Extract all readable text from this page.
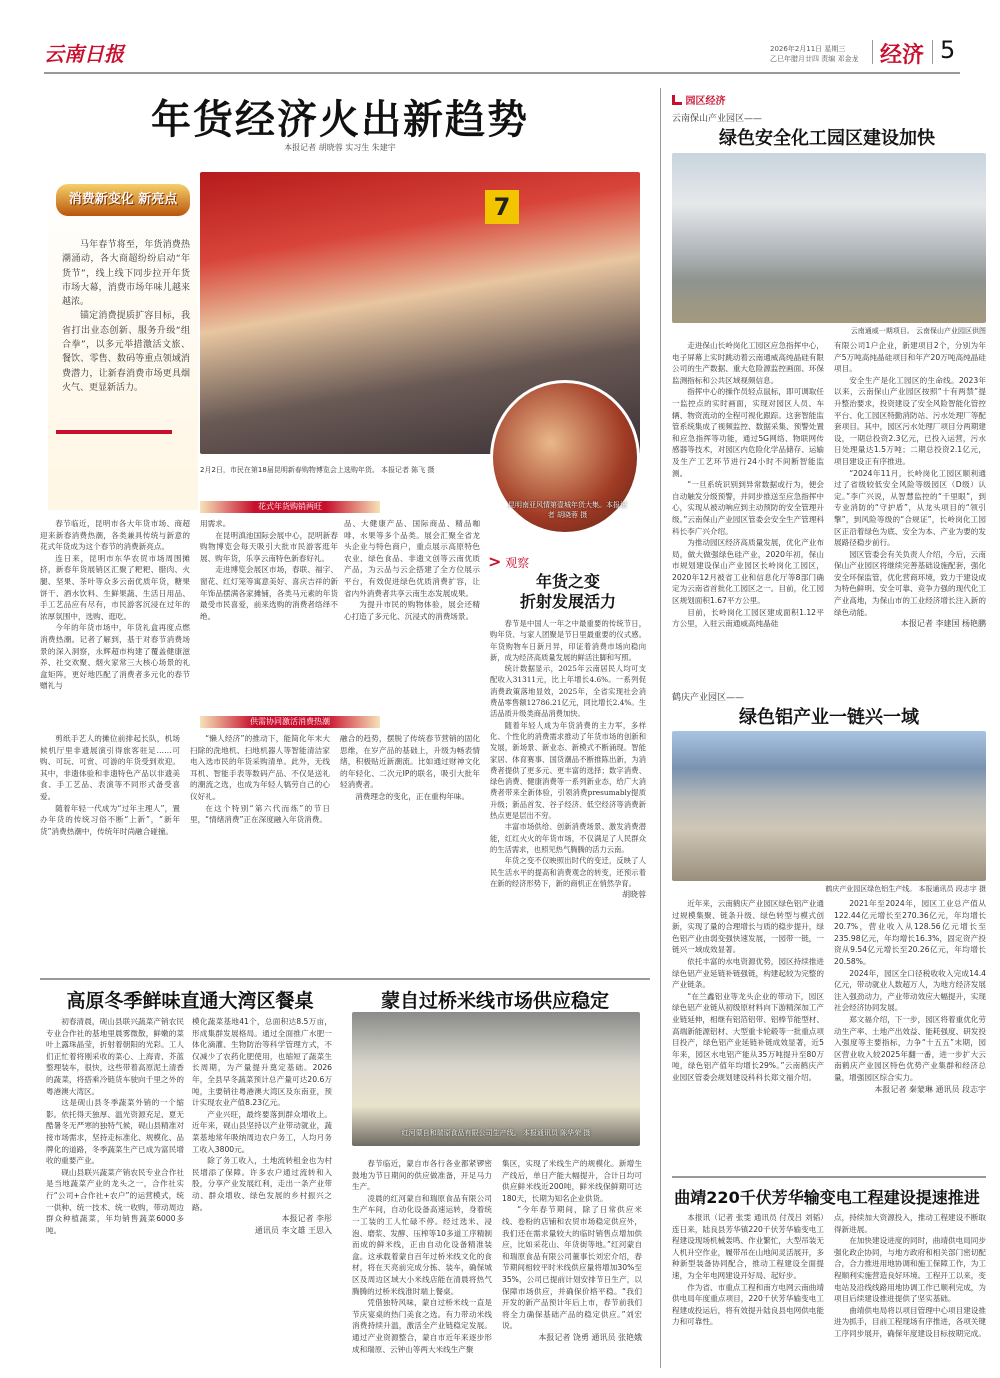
云南日报	2026年2月11日 星期三
乙巳年腊月廿四 责编 邓金龙 经济 5
年货经济火出新趋势
本报记者 胡晓蓉 实习生 朱建宇
消费新变化 新亮点

马年春节将至，年货消费热潮涌动，各大商超纷纷启动“年货节”，线上线下同步拉开年货市场大幕，消费市场年味儿越来越浓。

锚定消费提质扩容目标，我省打出业态创新、服务升级“组合拳”，以多元举措激活文旅、餐饮、零售、数码等重点领域消费潜力，让新春消费市场更具烟火气、更显新活力。

7
昆明南亚风情第壹城年货大集。本报记者 胡晓蓉 摄
2月2日，市民在第18届昆明新春购物博览会上选购年货。 本报记者 陈飞 摄
花式年货购销两旺

春节临近，昆明市各大年货市场、商超迎来新春消费热潮，各类兼具传统与新意的花式年货成为这个春节的消费新亮点。

连日来，昆明市东华农贸市场周围摊挤，新春年货展销区汇聚了粑粑、腊肉、火腿、坚果、茶叶等众多云南优质年货，糖果饼干、酒水饮料、生鲜果蔬、生活日用品、手工艺品应有尽有，市民游客沉浸在过年的浓厚氛围中，选购、逛吃。

今年的年货市场中，年货礼盒再度点燃消费热潮。记者了解到，基于对春节消费场景的深入洞察，永辉超市构建了覆盖健康滋养、社交欢聚、烟火家常三大核心场景的礼盒矩阵，更好地匹配了消费者多元化的春节赠礼与

用需求。

在昆明滇池国际会展中心，昆明新春购物博览会每天吸引大批市民游客逛年展、购年货，乐享云南特色新春好礼。

走进博览会展区市场，春联、福字、窗花、红灯笼等寓意美好、喜庆吉祥的新年饰品摆满各家摊铺，各类马元素的年货最受市民喜爱，前来选购的消费者络绎不绝。

品、大健康产品、国际商品、精品咖啡、水果等多个品类。展会汇聚全省龙头企业与特色商户，重点展示高原特色农业、绿色食品、非遗文创等云南优质产品，为云品与云企搭建了全方位展示平台，有效促进绿色优质消费扩容，让省内外消费者共享云南生态发展成果。

为提升市民的购物体验，展会还精心打造了多元化、沉浸式的消费场景。

供需协同激活消费热潮

剪纸手艺人的摊位前排起长队，机场候机厅里非遗展演引得旅客驻足……可购、可玩、可赏、可游的年货受到欢迎。其中，非遗体验和非遗特色产品以非遗美食、手工艺品、表演等不同形式备受喜爱。

随着年轻一代成为“过年主理人”，置办年货的传统习俗不断“上新”，“新年货”消费热潮中，传统年时尚融合碰撞。

“懒人经济”的推动下，能简化年末大扫除的洗地机、扫地机器人等智能清洁家电入选市民的年货采购清单。此外，无线耳机、智能手表等数码产品、不仅是送礼的潮流之选，也成为年轻人犒劳自己的心仪好礼。

在这个特别“第六代而炼”的节日里，“情绪消费”正在深度融入年货消费。

融合的趋势，摆脱了传统春节营销的固化思维，在岁产品的基础上，升级为畅表情绪，积极贴近新潮流。比如通过财神文化的年轻化、二次元IP的联名，吸引大批年轻消费者。

消费理念的变化，正在重构年味。

> 观察
年货之变
折射发展活力

春节是中国人一年之中最重要的传统节日，购年货、与家人团聚是节日里最重要的仪式感。年货购物车日新月异，印证着消费市场向稳向新，成为经济高质量发展的鲜活注脚和写照。

统计数据显示，2025年云南居民人均可支配收入31311元，比上年增长4.6%。一系列促消费政策落地显效，2025年，全省实现社会消费品零售额12786.21亿元，同比增长2.4%。生活品质升级类商品消费加快。

随着年轻人成为年货消费的主力军，多样化、个性化的消费需求推动了年货市场的创新和发展，新场景、新业态、新模式不断涌现。智能家居、体育赛事、国货潮品不断推陈出新，为消费者提供了更多元、更丰富的选择；数字消费、绿色消费、健康消费等一系列新业态，给广大消费者带来全新体验，引领消费presumably提质升级；新品首发、谷子经济、低空经济等消费新热点更是层出不穷。

丰富市场供给、创新消费场景、激发消费潜能，红红火火的年货市场，不仅满足了人民群众的生活需求，也照见热气腾腾的活力云南。

年货之变不仅映照出时代的变迁，反映了人民生活水平的提高和消费观念的转变，还预示着在新的经济形势下，新的商机正在悄然孕育。

胡晓蓉
高原冬季鲜味直通大湾区餐桌

初春清晨，砚山县联兴蔬菜产销农民专业合作社的基地里晨雾微散，鲜嫩的菜叶上露珠晶莹，折射着朝阳的光彩。工人们正忙着将刚采收的菜心、上海青、芥蓝整理装车，很快，这些带着高原泥土清香的蔬菜，将搭乘冷链货车驶向千里之外的粤港澳大湾区。

这是砚山县冬季蔬菜外销的一个缩影。依托得天独厚、温光资源充足、夏无酷暑冬无严寒的独特气候，砚山县精准对接市场需求，坚持走标准化、规模化、品牌化的道路，冬季蔬菜生产已成为富民增收的重要产业。

砚山县联兴蔬菜产销农民专业合作社是当地蔬菜产业的龙头之一，合作社实行“公司+合作社+农户”的运营模式，统一供种、统一技术、统一收购，带动周边群众种植蔬菜，年均销售蔬菜6000多吨。

模化蔬菜基地41个，总面积达8.5万亩，形成集群发展格局。通过全面推广水肥一体化滴灌、生物防治等科学管理方式，不仅减少了农药化肥使用，也缩短了蔬菜生长周期，为产量提升奠定基础。2026年，全县早冬蔬菜预计总产量可达20.6万吨，主要销往粤港澳大湾区及东南亚，预计实现农业产值8.23亿元。

产业兴旺，最终要落到群众增收上。近年来，砚山县坚持以产业带动就业，蔬菜基地常年吸纳周边农户务工，人均月务工收入3800元。

除了务工收入，土地流转租金也为村民增添了保障。许多农户通过流转和入股，分享产业发展红利，走出一条产业带动、群众增收、绿色发展的乡村振兴之路。

本报记者 李彤
通讯员 李文雄 王思入
蒙自过桥米线市场供应稳定
红河蒙自和瑞原食品有限公司生产线。 本报通讯员 陈华荣 摄

春节临近，蒙自市各行各业都紧锣密鼓地为节日期间的供应做准备，开足马力生产。

凌晨的红河蒙自和瑞原食品有限公司生产车间，自动化设备高速运转，身着统一工装的工人忙碌不停。经过选米、浸泡、磨浆、发酵、压榨等10多道工序精制而成的鲜米线，正由自动化设备精准装盒。这承载着蒙自百年过桥米线文化的食材，将在天亮前完成分拣、装车，确保城区及周边区域大小米线店能在清晨将热气腾腾的过桥米线准时端上餐桌。

凭借独特风味，蒙自过桥米线一直是节庆宴桌的热门美食之选。有力带动米线消费持续升温，激活全产业链稳定发展。通过产业资源整合，蒙自市近年来逐步形成和瑞原、云钟山等两大米线生产聚

集区，实现了米线生产的规模化。新增生产线后，单日产能大幅提升，合计日均可供应鲜米线近200吨，鲜米线保鲜期可达180天，长期为知名企业供货。

“今年春节期间，除了日常供应米线、卷粉的店铺和农贸市场稳定供应外，我们还在需求量较大的临时销售点增加供应，比如采花山、年货街等地。”红河蒙自和瑞原食品有限公司董事长刘宏介绍，春节期间相较平时米线供应量将增加30%至35%，公司已提前计划安排节日生产，以保障市场供应，并确保价格平稳。“我们开发的新产品预计年后上市，春节前我们将全力确保基础产品的稳定供应。”刘宏说。

本报记者 饶勇 通讯员 张艳娥
园区经济
云南保山产业园区——
绿色安全化工园区建设加快
云南通威一期项目。 云南保山产业园区供图

走进保山长岭岗化工园区应急指挥中心，电子屏幕上实时跳动着云南通威高纯晶硅有限公司的生产数据、重大危险源监控画面、环保监测指标和公共区域视频信息。

指挥中心的操作员轻点鼠标，即可调取任一监控点的实时画面，实现对园区人员、车辆、物资流动的全程可视化跟踪。这套智能监管系统集成了视频监控、数据采集、预警处置和应急指挥等功能，通过5G网络、物联网传感器等技术，对园区内危险化学品储存、运输及生产工艺环节进行24小时不间断智能监测。

“一旦系统识别到异常数据或行为，便会自动触发分级预警，并同步推送至应急指挥中心，实现从被动响应到主动预防的安全管理升级。”云南保山产业园区管委会安全生产管理科科长李广兴介绍。

为推动园区经济高质量发展，优化产业布局，做大做强绿色硅产业，2020年初，保山市规划建设保山产业园区长岭岗化工园区，2020年12月被省工业和信息化厅等8部门确定为云南省首批化工园区之一。目前，化工园区规划面积1.67平方公里。

目前，长岭岗化工园区建成面积1.12平方公里，入驻云南通威高纯晶硅

有限公司1户企业，新建项目2个，分别为年产5万吨高纯晶硅项目和年产20万吨高纯晶硅项目。

安全生产是化工园区的生命线。2023年以来，云南保山产业园区按照“十有两禁”提升整治要求，投资建设了安全风险智能化管控平台、化工园区特勤消防站、污水处理厂等配套项目。其中，园区污水处理厂项目分两期建设，一期总投资2.3亿元，已投入运营，污水日处理量达1.5万吨；二期总投资2.1亿元，项目建设正有序推进。

“2024年11月，长岭岗化工园区顺利通过了省级较低安全风险等级园区（D级）认定。”李广兴说，从智慧监控的“千里眼”，到专业消防的“守护盾”，从龙头项目的“领引擎”，到风险等级的“合规证”，长岭岗化工园区正沿着绿色为底、安全为本、产业为要的发展路径稳步前行。

园区管委会有关负责人介绍，今后，云南保山产业园区将继续完善基础设施配套，强化安全环保监管，优化营商环境，致力于建设成为特色鲜明、安全可靠、竞争力强的现代化工产业高地，为保山市的工业经济增长注入新的绿色动能。

本报记者 李建国 杨艳鹏
鹤庆产业园区——
绿色铝产业一链兴一域
鹤庆产业园区绿色铝生产线。 本报通讯员 段志宇 摄

近年来，云南鹤庆产业园区绿色铝产业通过规模集聚、链条升级、绿色转型与模式创新，实现了量的合理增长与质的稳步提升，绿色铝产业由弱变强快速发展，一园带一链，一链兴一域成效显著。

依托丰富的水电资源优势，园区持续推进绿色铝产业延链补链强链，构建起较为完整的产业链条。

“在兰鑫铝业等龙头企业的带动下，园区绿色铝产业链从初级原材料向下游精深加工产业链延伸，相继有铝箔铝带、铝棒节能型材、高端新能源铝材、大型重卡轮毂等一批重点项目投产，绿色铝产业延链补链成效显著，近5年来，园区水电铝产能从35万吨提升至80万吨，绿色铝产值年均增长29%。”云南鹤庆产业园区管委会规划建设科科长郑文福介绍。

2021年至2024年，园区工业总产值从122.44亿元增长至270.36亿元，年均增长20.7%，营业收入从128.56亿元增长至235.98亿元，年均增长16.3%，固定资产投资从9.54亿元增长至20.26亿元，年均增长20.58%。

2024年，园区全口径税收收入完成14.4亿元，带动就业人数超万人，为地方经济发展注入强劲动力，产业带动效应大幅提升，实现社会经济协同发展。

郑文福介绍，下一步，园区将着重优化劳动生产率、土地产出效益、能耗强度、研发投入强度等主要指标，力争“十五五”末期，园区营业收入较2025年翻一番，进一步扩大云南鹤庆产业园区特色优势产业集群和经济总量，增强园区综合实力。

本报记者 秦蒙琳 通讯员 段志宇
曲靖220千伏芳华输变电工程建设提速推进

本报讯（记者 张雯 通讯员 付茂吕 刘韬）连日来，陆良县芳华镇220千伏芳华输变电工程建设现场机械轰鸣、作业繁忙，大型吊装无人机升空作业，履带吊在山地间灵活展开，多种新型装备协同配合，推动工程建设全面提速，为全年电网建设开好局、起好步。

作为省、市重点工程和南方电网云南曲靖供电局年度重点项目，220千伏芳华输变电工程建成投运后，将有效提升陆良县电网供电能力和可靠性。

点，持续加大资源投入，推动工程建设不断取得新进展。

在加快建设进度的同时，曲靖供电局同步强化政企协同，与地方政府和相关部门密切配合，合力推进用地协调和施工保障工作，为工程顺利实施营造良好环境。工程开工以来，变电站及沿线线路用地协调工作已顺利完成，为项目后续建设推进提供了坚实基础。

曲靖供电局将以项目管理中心项目建设推进为抓手，目前工程现场有序推进，各项关键工序同步展开，确保年度建设目标按期完成。
